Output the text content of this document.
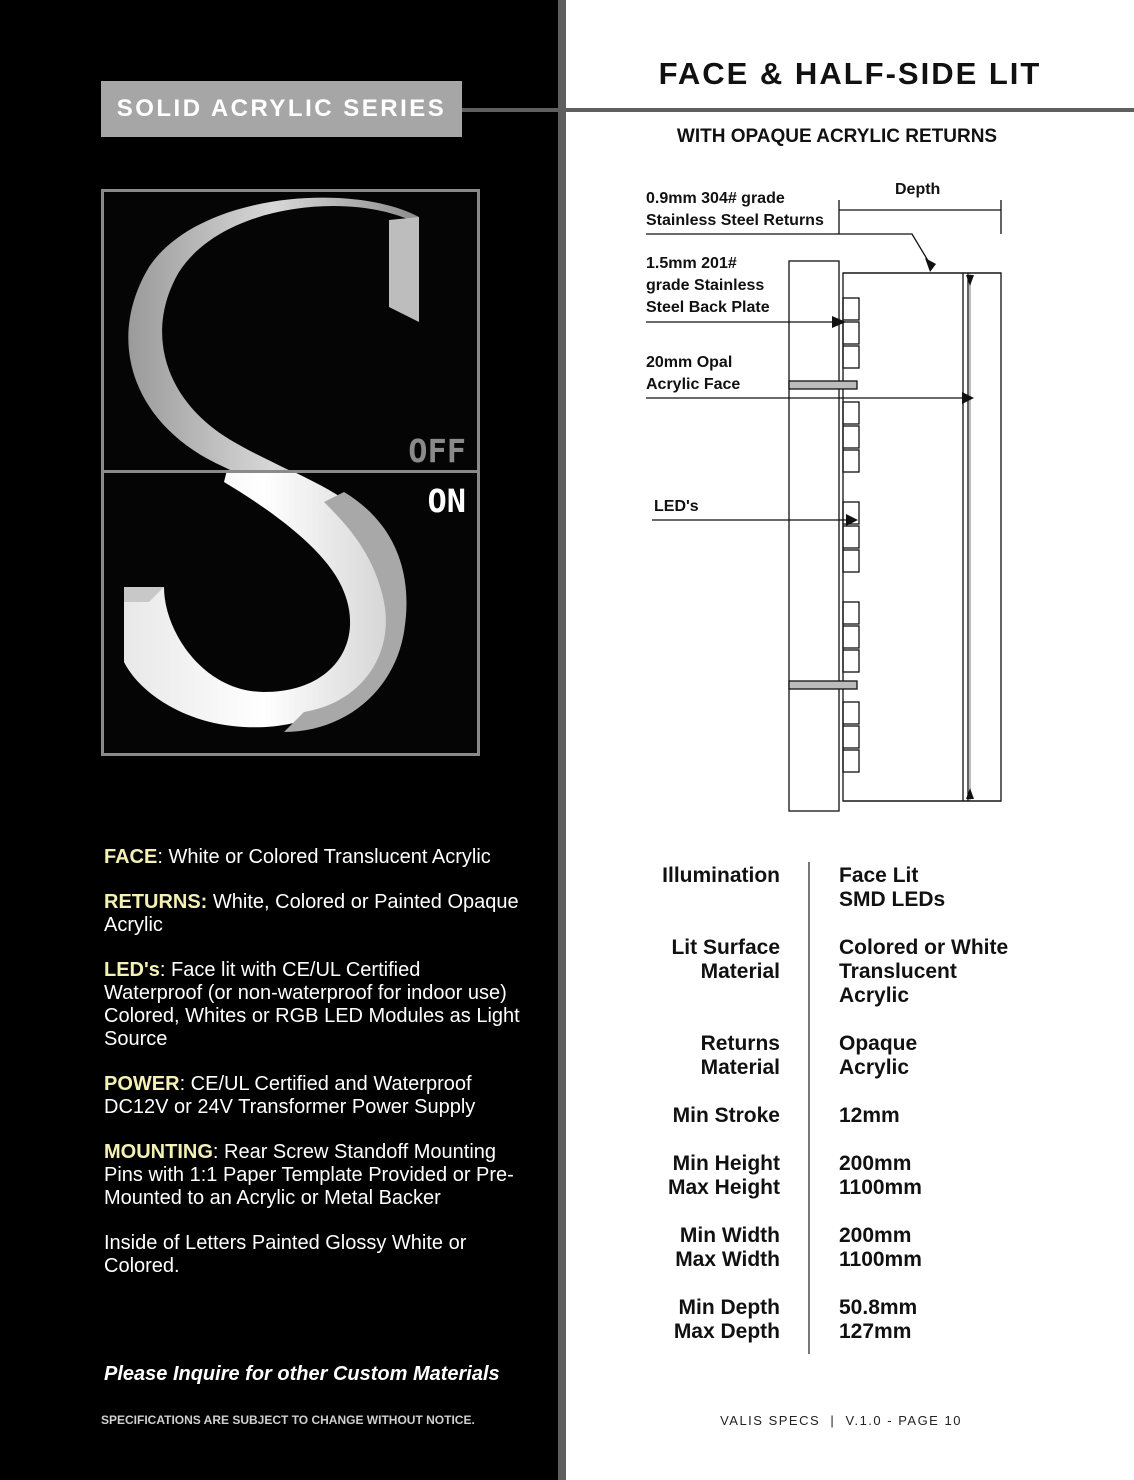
SOLID ACRYLIC SERIES
OFF
ON

FACE: White or Colored Translucent Acrylic

RETURNS: White, Colored or Painted Opaque Acrylic

LED's: Face lit with CE/UL Certified Waterproof (or non-waterproof for indoor use) Colored, Whites or RGB LED Modules as Light Source

POWER: CE/UL Certified and Waterproof DC12V or 24V Transformer Power Supply

MOUNTING: Rear Screw Standoff Mounting Pins with 1:1 Paper Template Provided or Pre-Mounted to an Acrylic or Metal Backer

Inside of Letters Painted Glossy White or Colored.

Please Inquire for other Custom Materials
SPECIFICATIONS ARE SUBJECT TO CHANGE WITHOUT NOTICE.
FACE & HALF-SIDE LIT
WITH OPAQUE ACRYLIC RETURNS
Depth
0.9mm 304# grade
Stainless Steel Returns
1.5mm 201#
grade Stainless
Steel Back Plate
20mm Opal
Acrylic Face
LED's
Illumination	Face Lit
SMD LEDs
Lit Surface
Material
Colored or White
Translucent
Acrylic
Returns
Material
Opaque
Acrylic
Min Stroke	12mm
Min Height
Max Height
200mm
1100mm
Min Width
Max Width
200mm
1100mm
Min Depth
Max Depth
50.8mm
127mm
VALIS SPECS  |  V.1.0 - PAGE 10
